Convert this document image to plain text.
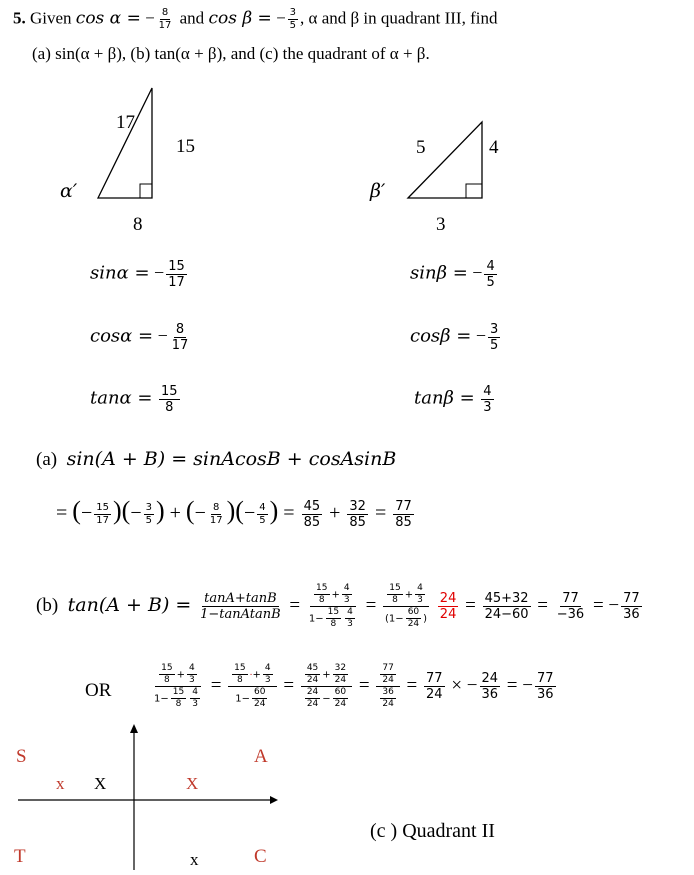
5. Given cos α = − $\frac{8}{17}$ and cos β = − $\frac{3}{5}$ , α and β in quadrant III, find
(a) sin(α + β), (b) tan(α + β), and (c) the quadrant of α + β.
17
15
8
α′
5	4
3
β′
sinα = − $\frac{15}{17}$
cosα = − $\frac{8}{17}$
$\tan\alpha = \frac{15}{8}$
sinβ = − $\frac{4}{5}$
cosβ = − $\frac{3}{5}$
$\tan\beta = \frac{4}{3}$
(a) sin(A + B) = sinAcosB + cosAsinB
= (− $\frac{15}{17}$ )(− $\frac{3}{5}$ ) + (− $\frac{8}{17}$ )(− $\frac{4}{5}$ ) = $\frac{45}{85} + \frac{32}{85} = \frac{77}{85}$
(b) $\tan(A + B) = \frac{\tan A+\tan B}{\text{1−tanAtanB}} = \frac{\frac{15}{8} + \frac{4}{3}}{1- \frac{15}{8} \frac{4}{3}} = \frac{\frac{15}{8} + \frac{4}{3}}{(1- \frac{60}{24} )}$
$\frac{24}{24} = \frac{45+32}{24-60} = \frac{77}{-36}$ = − $\frac{77}{36}$
OR	$\frac{\frac{15}{8} + \frac{4}{3}}{1- \frac{15}{8} \frac{4}{3}} = \frac{\frac{15}{8} \cdot+ \frac{4}{3}}{1- \frac{60}{24}} = \frac{\frac{45}{24} + \frac{32}{24}}{\frac{24}{24} - \frac{60}{24}} = \frac{\frac{77}{24}}{\frac{36}{24}} = \frac{77}{24}$ × − $\frac{24}{36}$ = − $\frac{77}{36}$
S	A
T	C
x X	X
x
(c ) Quadrant II
